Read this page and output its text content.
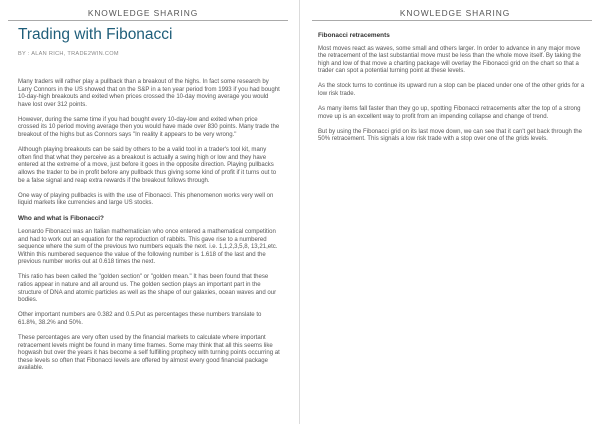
KNOWLEDGE SHARING
Trading with Fibonacci
BY : ALAN RICH, TRADE2WIN.COM

Many traders will rather play a pullback than a breakout of the highs. In fact some research by Larry Connors in the US showed that on the S&P in a ten year period from 1993 if you had bought 10-day-high breakouts and exited when prices crossed the 10-day moving average you would have lost over 312 points.

However, during the same time if you had bought every 10-day-low and exited when price crossed its 10 period moving average then you would have made over 830 points. Many trade the breakout of the highs but as Connors says "In reality it appears to be very wrong."

Although playing breakouts can be said by others to be a valid tool in a trader's tool kit, many often find that what they perceive as a breakout is actually a swing high or low and they have entered at the extreme of a move, just before it goes in the opposite direction. Playing pullbacks allows the trader to be in profit before any pullback thus giving some kind of profit if it turns out to be a false signal and reap extra rewards if the breakout follows through.

One way of playing pullbacks is with the use of Fibonacci. This phenomenon works very well on liquid markets like currencies and large US stocks.

Who and what is Fibonacci?

Leonardo Fibonacci was an Italian mathematician who once entered a mathematical competition and had to work out an equation for the reproduction of rabbits. This gave rise to a numbered sequence where the sum of the previous two numbers equals the next. i.e. 1,1,2,3,5,8, 13,21,etc. Within this numbered sequence the value of the following number is 1.618 of the last and the previous number works out at 0.618 times the next.

This ratio has been called the "golden section" or "golden mean." It has been found that these ratios appear in nature and all around us. The golden section plays an important part in the structure of DNA and atomic particles as well as the shape of our galaxies, ocean waves and our bodies.

Other important numbers are 0.382 and 0.5.Put as percentages these numbers translate to 61.8%, 38.2% and 50%.

These percentages are very often used by the financial markets to calculate where important retracement levels might be found in many time frames. Some may think that all this seems like hogwash but over the years it has become a self fulfilling prophecy with turning points occurring at these levels so often that Fibonacci levels are offered by almost every good financial package available.

KNOWLEDGE SHARING
Fibonacci retracements

Most moves react as waves, some small and others larger. In order to advance in any major move the retracement of the last substantial move must be less than the whole move itself. By taking the high and low of that move a charting package will overlay the Fibonacci grid on the chart so that a trader can spot a potential turning point at these levels.

As the stock turns to continue its upward run a stop can be placed under one of the other grids for a low risk trade.

As many items fall faster than they go up, spotting Fibonacci retracements after the top of a strong move up is an excellent way to profit from an impending collapse and change of trend.

But by using the Fibonacci grid on its last move down, we can see that it can't get back through the 50% retracement. This signals a low risk trade with a stop over one of the grids levels.
